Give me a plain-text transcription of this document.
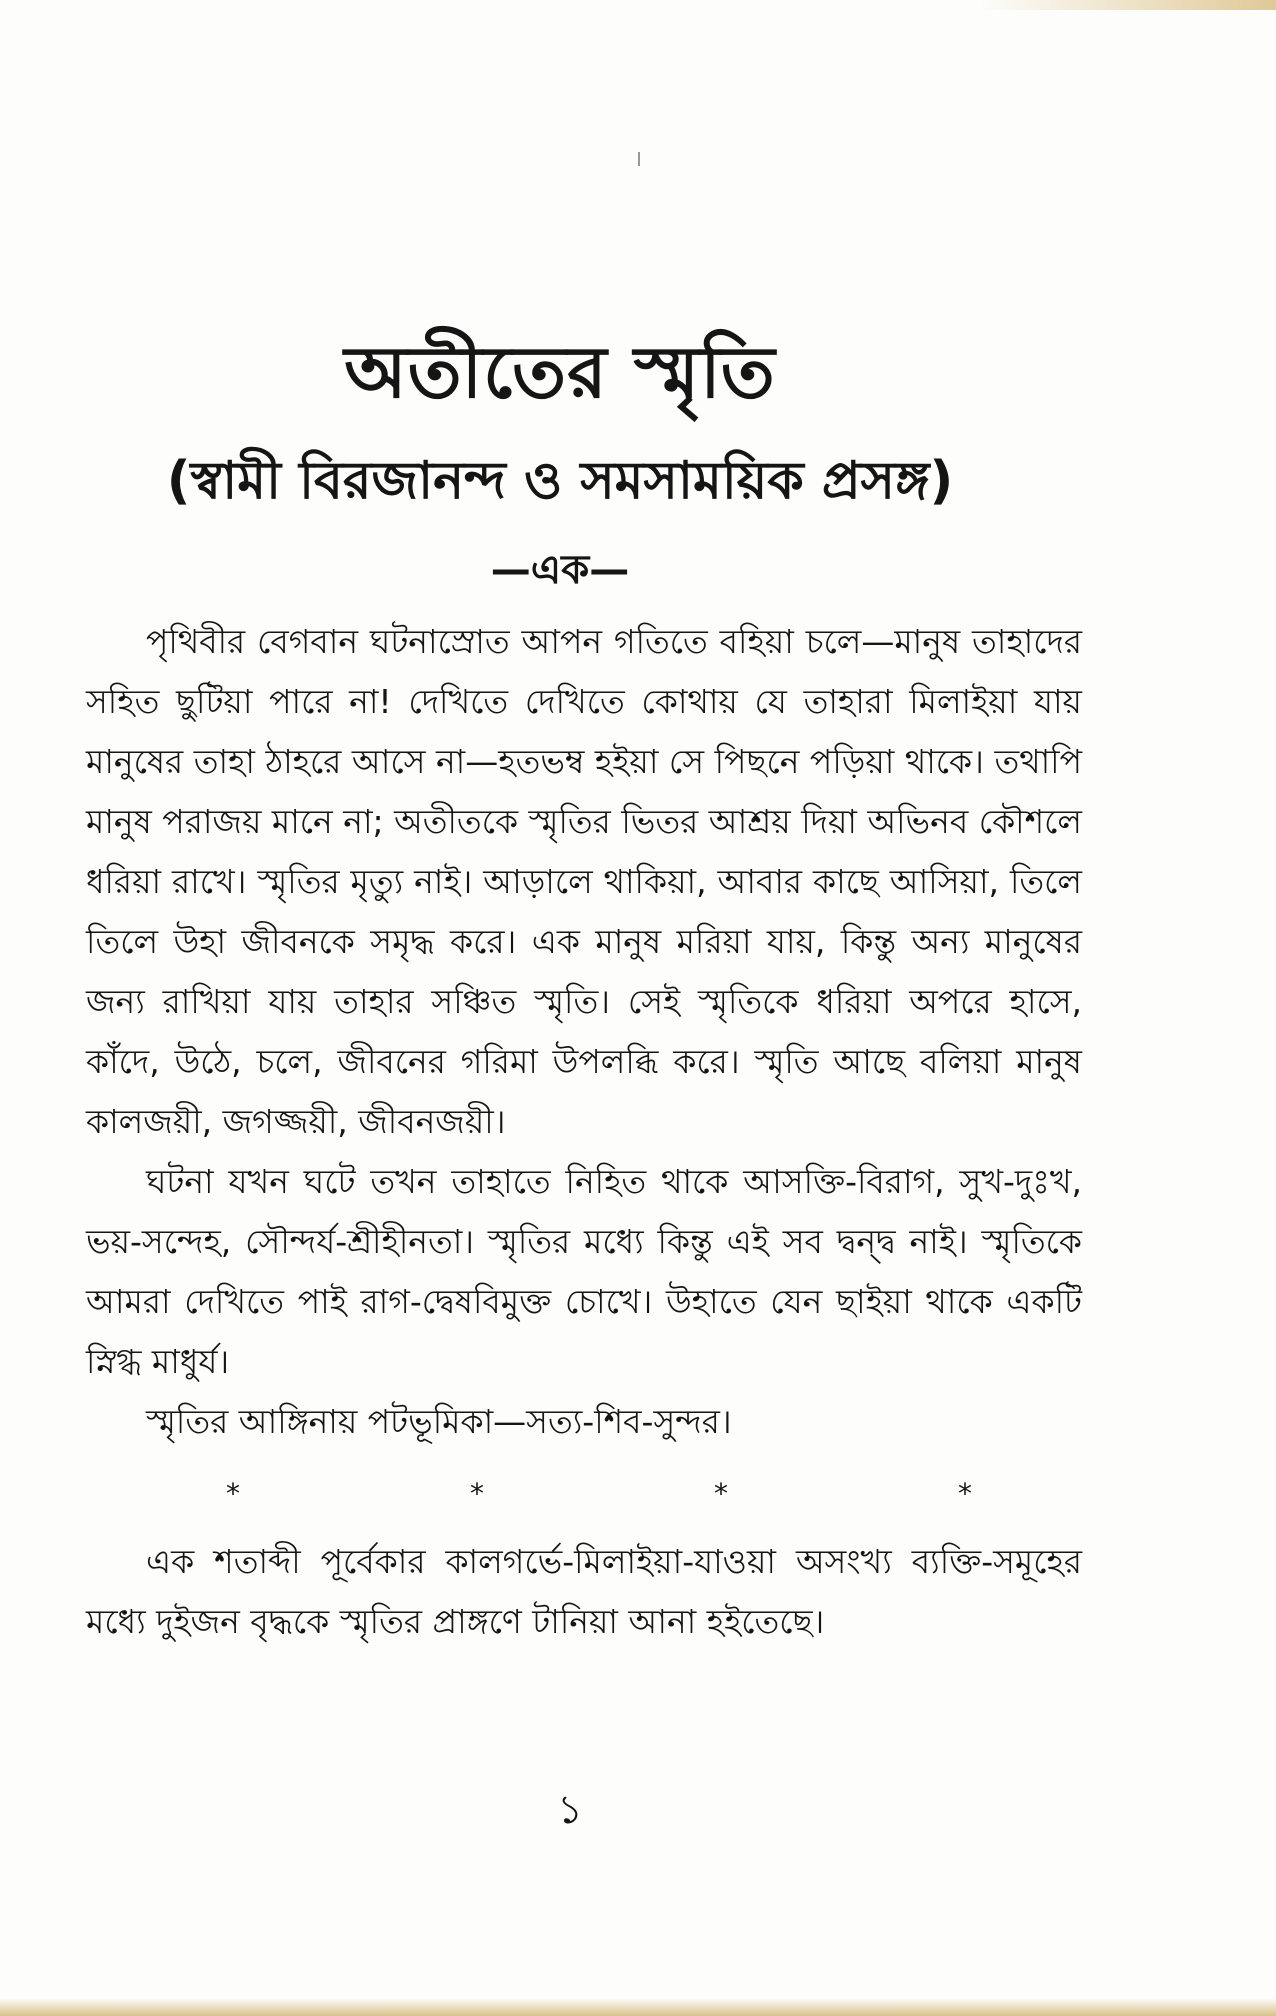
অতীতের স্মৃতি
(স্বামী বিরজানন্দ ও সমসাময়িক প্রসঙ্গ)
—এক—

পৃথিবীর বেগবান ঘটনাস্রোত আপন গতিতে বহিয়া চলে—মানুষ তাহাদের সহিত ছুটিয়া পারে না! দেখিতে দেখিতে কোথায় যে তাহারা মিলাইয়া যায় মানুষের তাহা ঠাহরে আসে না—হতভম্ব হইয়া সে পিছনে পড়িয়া থাকে। তথাপি মানুষ পরাজয় মানে না; অতীতকে স্মৃতির ভিতর আশ্রয় দিয়া অভিনব কৌশলে ধরিয়া রাখে। স্মৃতির মৃত্যু নাই। আড়ালে থাকিয়া, আবার কাছে আসিয়া, তিলে তিলে উহা জীবনকে সমৃদ্ধ করে। এক মানুষ মরিয়া যায়, কিন্তু অন্য মানুষের জন্য রাখিয়া যায় তাহার সঞ্চিত স্মৃতি। সেই স্মৃতিকে ধরিয়া অপরে হাসে, কাঁদে, উঠে, চলে, জীবনের গরিমা উপলব্ধি করে। স্মৃতি আছে বলিয়া মানুষ কালজয়ী, জগজ্জয়ী, জীবনজয়ী।

ঘটনা যখন ঘটে তখন তাহাতে নিহিত থাকে আসক্তি-বিরাগ, সুখ-দুঃখ, ভয়-সন্দেহ, সৌন্দর্য-শ্রীহীনতা। স্মৃতির মধ্যে কিন্তু এই সব দ্বন্দ্ব নাই। স্মৃতিকে আমরা দেখিতে পাই রাগ-দ্বেষবিমুক্ত চোখে। উহাতে যেন ছাইয়া থাকে একটি স্নিগ্ধ মাধুর্য।

স্মৃতির আঙ্গিনায় পটভূমিকা—সত্য-শিব-সুন্দর।

*	*	*	*

এক শতাব্দী পূর্বেকার কালগর্ভে-মিলাইয়া-যাওয়া অসংখ্য ব্যক্তি-সমূহের মধ্যে দুইজন বৃদ্ধকে স্মৃতির প্রাঙ্গণে টানিয়া আনা হইতেছে।

১
